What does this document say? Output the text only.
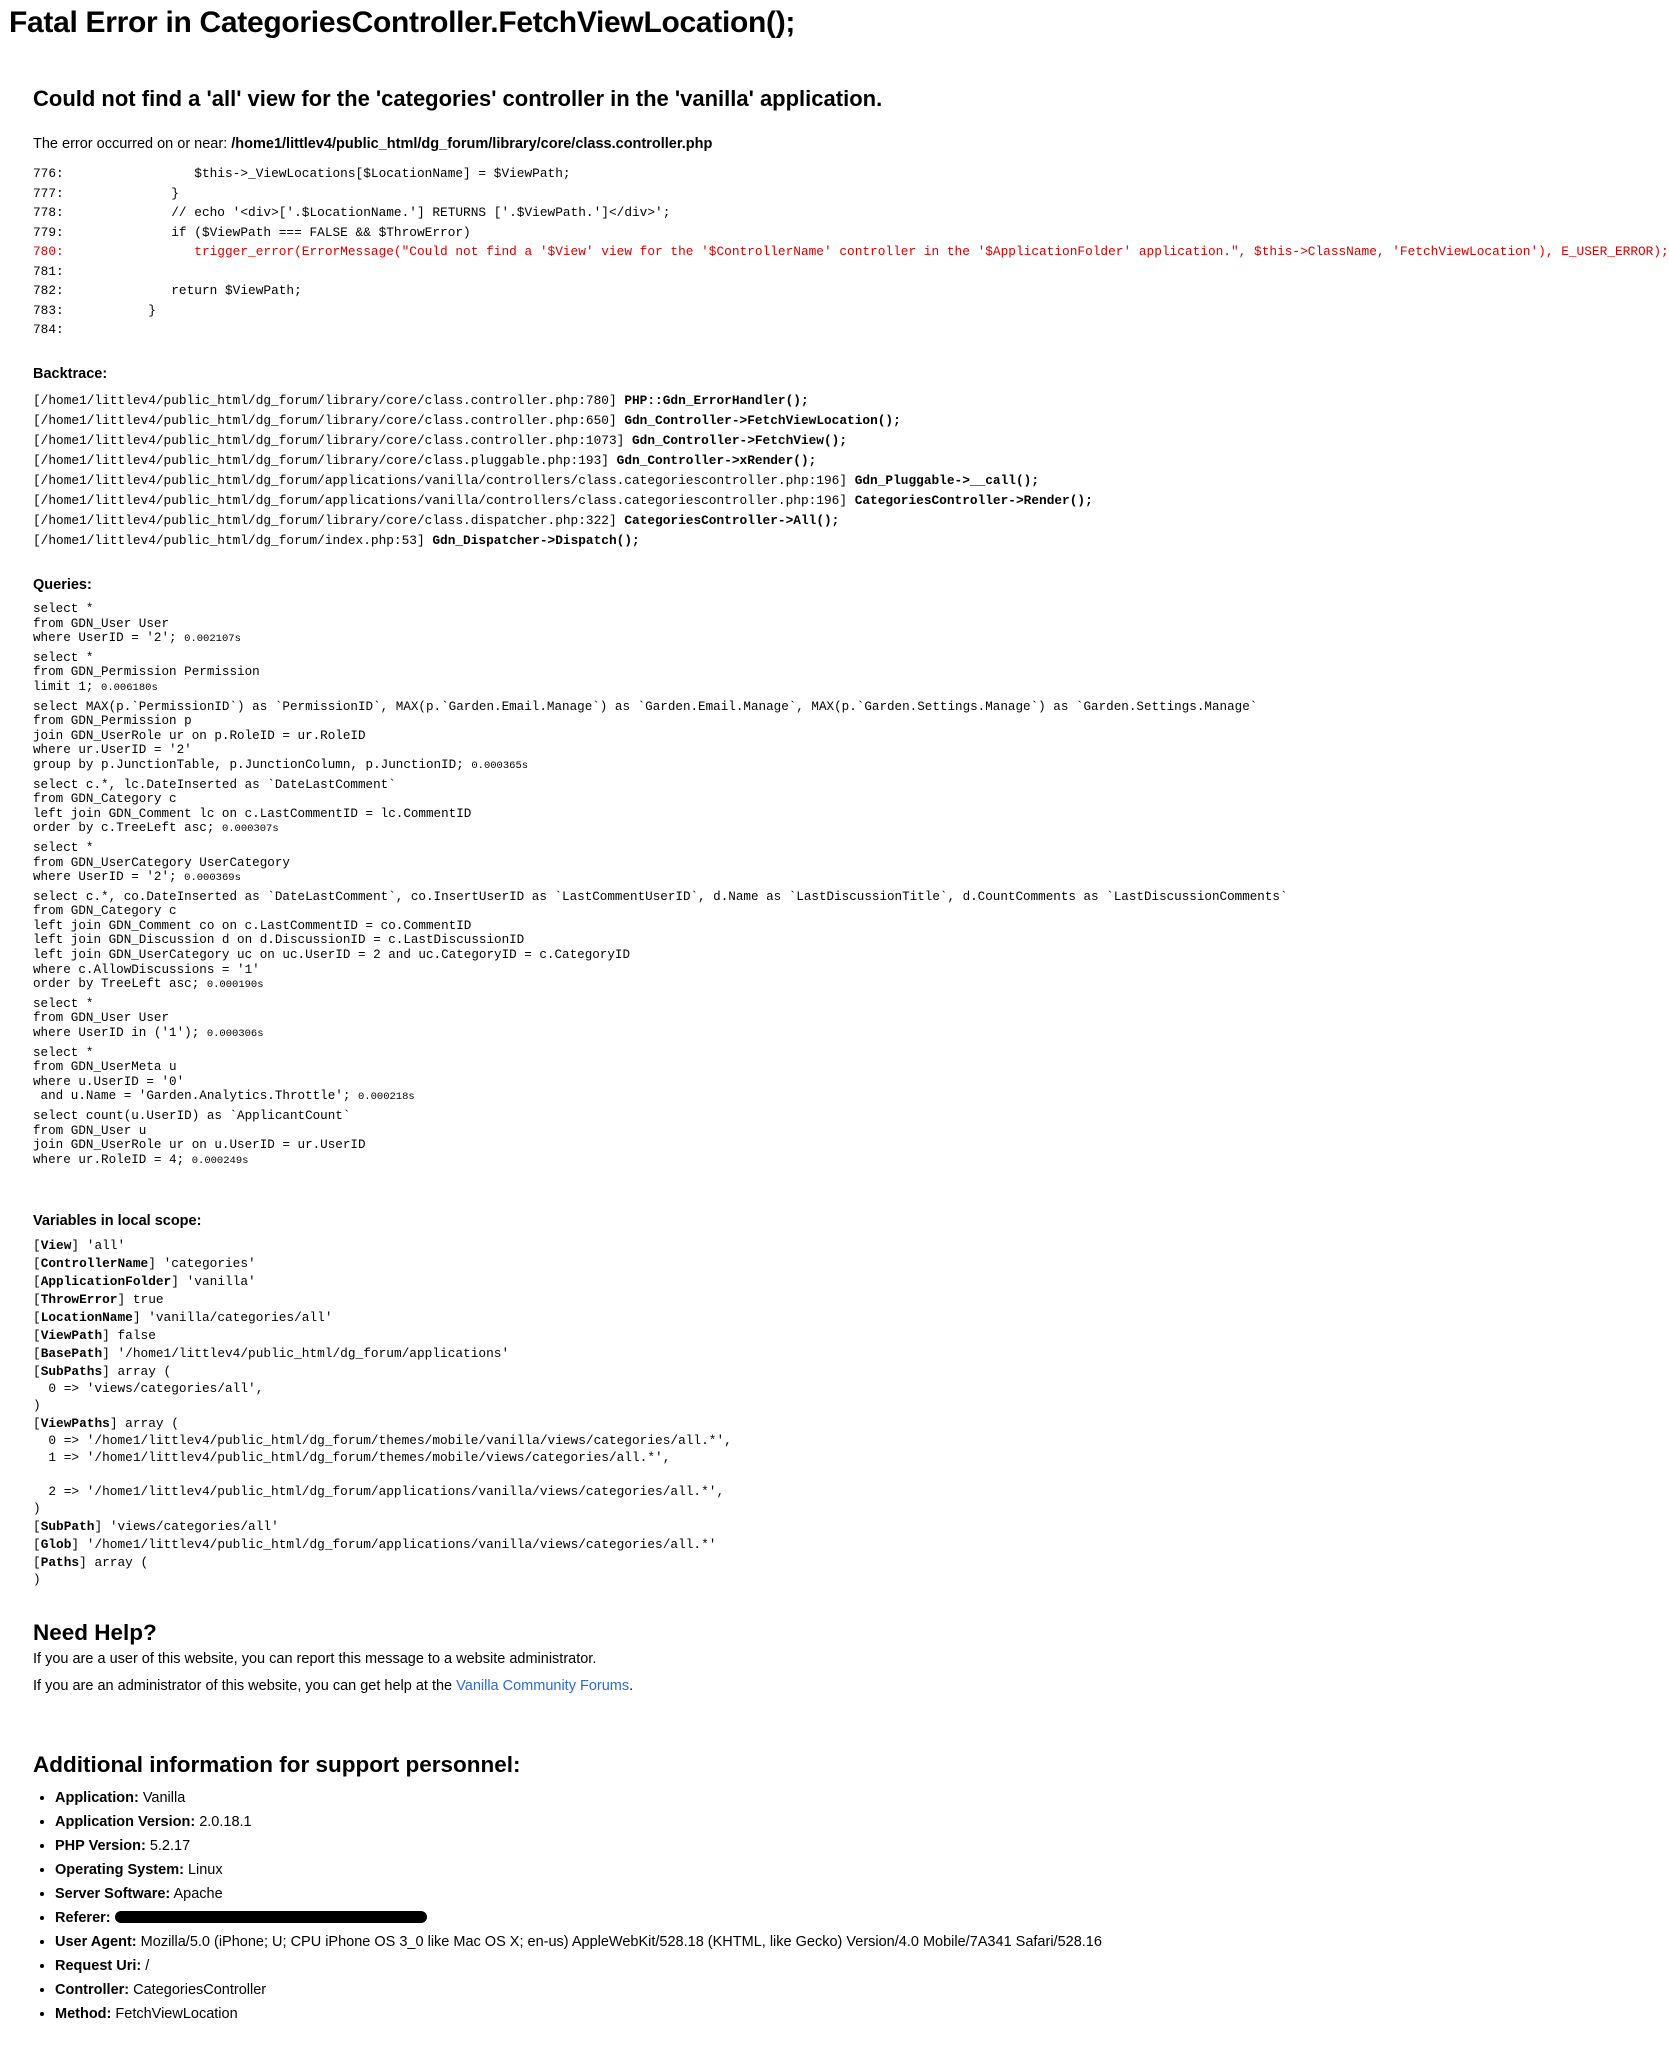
Fatal Error in CategoriesController.FetchViewLocation();
Could not find a 'all' view for the 'categories' controller in the 'vanilla' application.
The error occurred on or near: /home1/littlev4/public_html/dg_forum/library/core/class.controller.php
776:	$this->_ViewLocations[$LocationName] = $ViewPath;
777:	}
778:	// echo '<div>['.$LocationName.'] RETURNS ['.$ViewPath.']</div>';
779:	if ($ViewPath === FALSE && $ThrowError)
780:	trigger_error(ErrorMessage("Could not find a '$View' view for the '$ControllerName' controller in the '$ApplicationFolder' application.", $this->ClassName, 'FetchViewLocation'), E_USER_ERROR);
781:
782:	return $ViewPath;
783:	}
784:
Backtrace:
[/home1/littlev4/public_html/dg_forum/library/core/class.controller.php:780] PHP::Gdn_ErrorHandler();
[/home1/littlev4/public_html/dg_forum/library/core/class.controller.php:650] Gdn_Controller->FetchViewLocation();
[/home1/littlev4/public_html/dg_forum/library/core/class.controller.php:1073] Gdn_Controller->FetchView();
[/home1/littlev4/public_html/dg_forum/library/core/class.pluggable.php:193] Gdn_Controller->xRender();
[/home1/littlev4/public_html/dg_forum/applications/vanilla/controllers/class.categoriescontroller.php:196] Gdn_Pluggable->__call();
[/home1/littlev4/public_html/dg_forum/applications/vanilla/controllers/class.categoriescontroller.php:196] CategoriesController->Render();
[/home1/littlev4/public_html/dg_forum/library/core/class.dispatcher.php:322] CategoriesController->All();
[/home1/littlev4/public_html/dg_forum/index.php:53] Gdn_Dispatcher->Dispatch();
Queries:
select *
from GDN_User User
where UserID = '2'; 0.002107s
select *
from GDN_Permission Permission
limit 1; 0.006180s
select MAX(p.`PermissionID`) as `PermissionID`, MAX(p.`Garden.Email.Manage`) as `Garden.Email.Manage`, MAX(p.`Garden.Settings.Manage`) as `Garden.Settings.Manage`
from GDN_Permission p
join GDN_UserRole ur on p.RoleID = ur.RoleID
where ur.UserID = '2'
group by p.JunctionTable, p.JunctionColumn, p.JunctionID; 0.000365s
select c.*, lc.DateInserted as `DateLastComment`
from GDN_Category c
left join GDN_Comment lc on c.LastCommentID = lc.CommentID
order by c.TreeLeft asc; 0.000307s
select *
from GDN_UserCategory UserCategory
where UserID = '2'; 0.000369s
select c.*, co.DateInserted as `DateLastComment`, co.InsertUserID as `LastCommentUserID`, d.Name as `LastDiscussionTitle`, d.CountComments as `LastDiscussionComments`
from GDN_Category c
left join GDN_Comment co on c.LastCommentID = co.CommentID
left join GDN_Discussion d on d.DiscussionID = c.LastDiscussionID
left join GDN_UserCategory uc on uc.UserID = 2 and uc.CategoryID = c.CategoryID
where c.AllowDiscussions = '1'
order by TreeLeft asc; 0.000190s
select *
from GDN_User User
where UserID in ('1'); 0.000306s
select *
from GDN_UserMeta u
where u.UserID = '0'
and u.Name = 'Garden.Analytics.Throttle'; 0.000218s
select count(u.UserID) as `ApplicantCount`
from GDN_User u
join GDN_UserRole ur on u.UserID = ur.UserID
where ur.RoleID = 4; 0.000249s
Variables in local scope:
[View] 'all'
[ControllerName] 'categories'
[ApplicationFolder] 'vanilla'
[ThrowError] true
[LocationName] 'vanilla/categories/all'
[ViewPath] false
[BasePath] '/home1/littlev4/public_html/dg_forum/applications'
[SubPaths] array (
0 => 'views/categories/all',
)
[ViewPaths] array (
0 => '/home1/littlev4/public_html/dg_forum/themes/mobile/vanilla/views/categories/all.*',
1 => '/home1/littlev4/public_html/dg_forum/themes/mobile/views/categories/all.*',
2 => '/home1/littlev4/public_html/dg_forum/applications/vanilla/views/categories/all.*',
)
[SubPath] 'views/categories/all'
[Glob] '/home1/littlev4/public_html/dg_forum/applications/vanilla/views/categories/all.*'
[Paths] array (
)
Need Help?
If you are a user of this website, you can report this message to a website administrator.
If you are an administrator of this website, you can get help at the Vanilla Community Forums.
Additional information for support personnel:
• Application: Vanilla
• Application Version: 2.0.18.1
• PHP Version: 5.2.17
• Operating System: Linux
• Server Software: Apache
• Referer:
• User Agent: Mozilla/5.0 (iPhone; U; CPU iPhone OS 3_0 like Mac OS X; en-us) AppleWebKit/528.18 (KHTML, like Gecko) Version/4.0 Mobile/7A341 Safari/528.16
• Request Uri: /
• Controller: CategoriesController
• Method: FetchViewLocation
